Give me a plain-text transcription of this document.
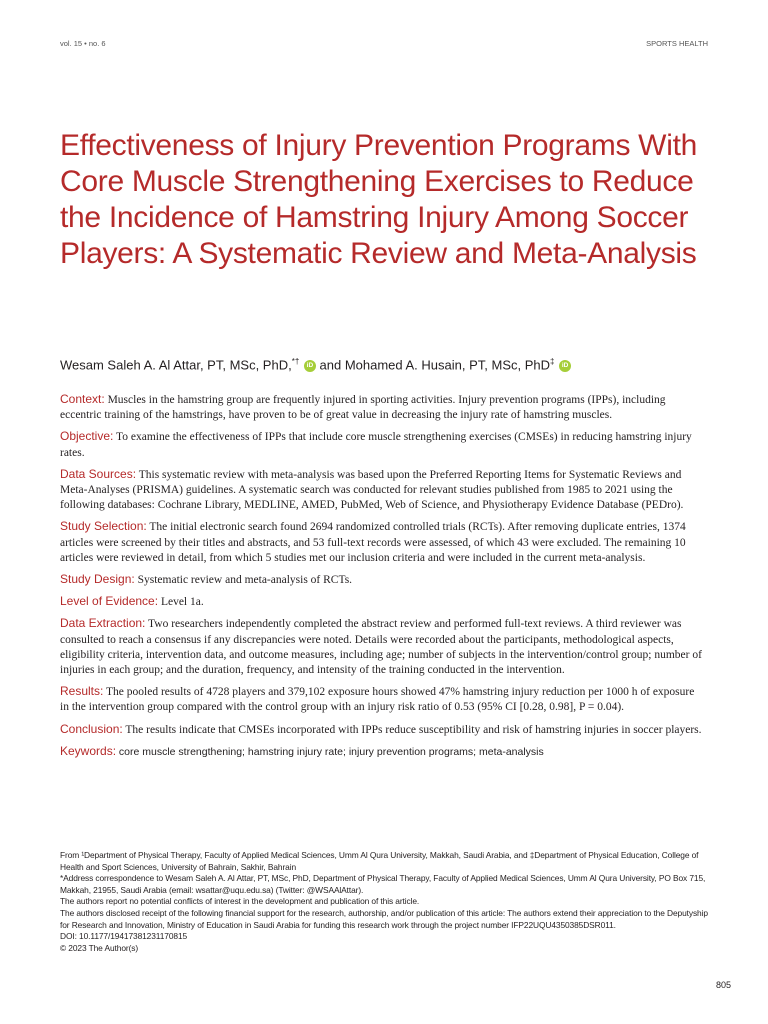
vol. 15 • no. 6	SPORTS HEALTH
Effectiveness of Injury Prevention Programs With Core Muscle Strengthening Exercises to Reduce the Incidence of Hamstring Injury Among Soccer Players: A Systematic Review and Meta-Analysis
Wesam Saleh A. Al Attar, PT, MSc, PhD,*† iD and Mohamed A. Husain, PT, MSc, PhD‡ iD

Context: Muscles in the hamstring group are frequently injured in sporting activities. Injury prevention programs (IPPs), including eccentric training of the hamstrings, have proven to be of great value in decreasing the injury rate of hamstring muscles.

Objective: To examine the effectiveness of IPPs that include core muscle strengthening exercises (CMSEs) in reducing hamstring injury rates.

Data Sources: This systematic review with meta-analysis was based upon the Preferred Reporting Items for Systematic Reviews and Meta-Analyses (PRISMA) guidelines. A systematic search was conducted for relevant studies published from 1985 to 2021 using the following databases: Cochrane Library, MEDLINE, AMED, PubMed, Web of Science, and Physiotherapy Evidence Database (PEDro).

Study Selection: The initial electronic search found 2694 randomized controlled trials (RCTs). After removing duplicate entries, 1374 articles were screened by their titles and abstracts, and 53 full-text records were assessed, of which 43 were excluded. The remaining 10 articles were reviewed in detail, from which 5 studies met our inclusion criteria and were included in the current meta-analysis.

Study Design: Systematic review and meta-analysis of RCTs.

Level of Evidence: Level 1a.

Data Extraction: Two researchers independently completed the abstract review and performed full-text reviews. A third reviewer was consulted to reach a consensus if any discrepancies were noted. Details were recorded about the participants, methodological aspects, eligibility criteria, intervention data, and outcome measures, including age; number of subjects in the intervention/control group; number of injuries in each group; and the duration, frequency, and intensity of the training conducted in the intervention.

Results: The pooled results of 4728 players and 379,102 exposure hours showed 47% hamstring injury reduction per 1000 h of exposure in the intervention group compared with the control group with an injury risk ratio of 0.53 (95% CI [0.28, 0.98], P = 0.04).

Conclusion: The results indicate that CMSEs incorporated with IPPs reduce susceptibility and risk of hamstring injuries in soccer players.

Keywords: core muscle strengthening; hamstring injury rate; injury prevention programs; meta-analysis

From ¹Department of Physical Therapy, Faculty of Applied Medical Sciences, Umm Al Qura University, Makkah, Saudi Arabia, and ‡Department of Physical Education, College of Health and Sport Sciences, University of Bahrain, Sakhir, Bahrain

*Address correspondence to Wesam Saleh A. Al Attar, PT, MSc, PhD, Department of Physical Therapy, Faculty of Applied Medical Sciences, Umm Al Qura University, PO Box 715, Makkah, 21955, Saudi Arabia (email: wsattar@uqu.edu.sa) (Twitter: @WSAAlAttar).

The authors report no potential conflicts of interest in the development and publication of this article.

The authors disclosed receipt of the following financial support for the research, authorship, and/or publication of this article: The authors extend their appreciation to the Deputyship for Research and Innovation, Ministry of Education in Saudi Arabia for funding this research work through the project number IFP22UQU4350385DSR011.

DOI: 10.1177/19417381231170815

© 2023 The Author(s)

805
